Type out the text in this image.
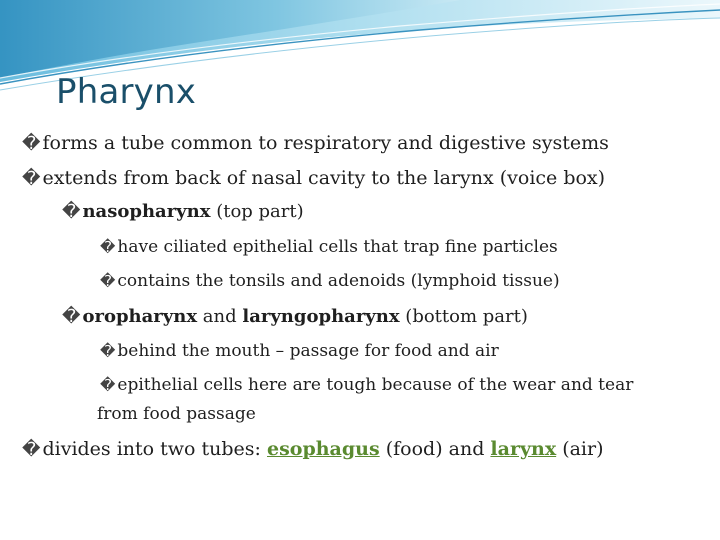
Pharynx
� forms a tube common to respiratory and digestive systems
� extends from back of nasal cavity to the larynx (voice box)
� nasopharynx (top part)
� have ciliated epithelial cells that trap fine particles
� contains the tonsils and adenoids (lymphoid tissue)
� oropharynx and laryngopharynx (bottom part)
� behind the mouth – passage for food and air
� epithelial cells here are tough because of the wear and tear
from food passage
� divides into two tubes: esophagus (food) and larynx (air)
